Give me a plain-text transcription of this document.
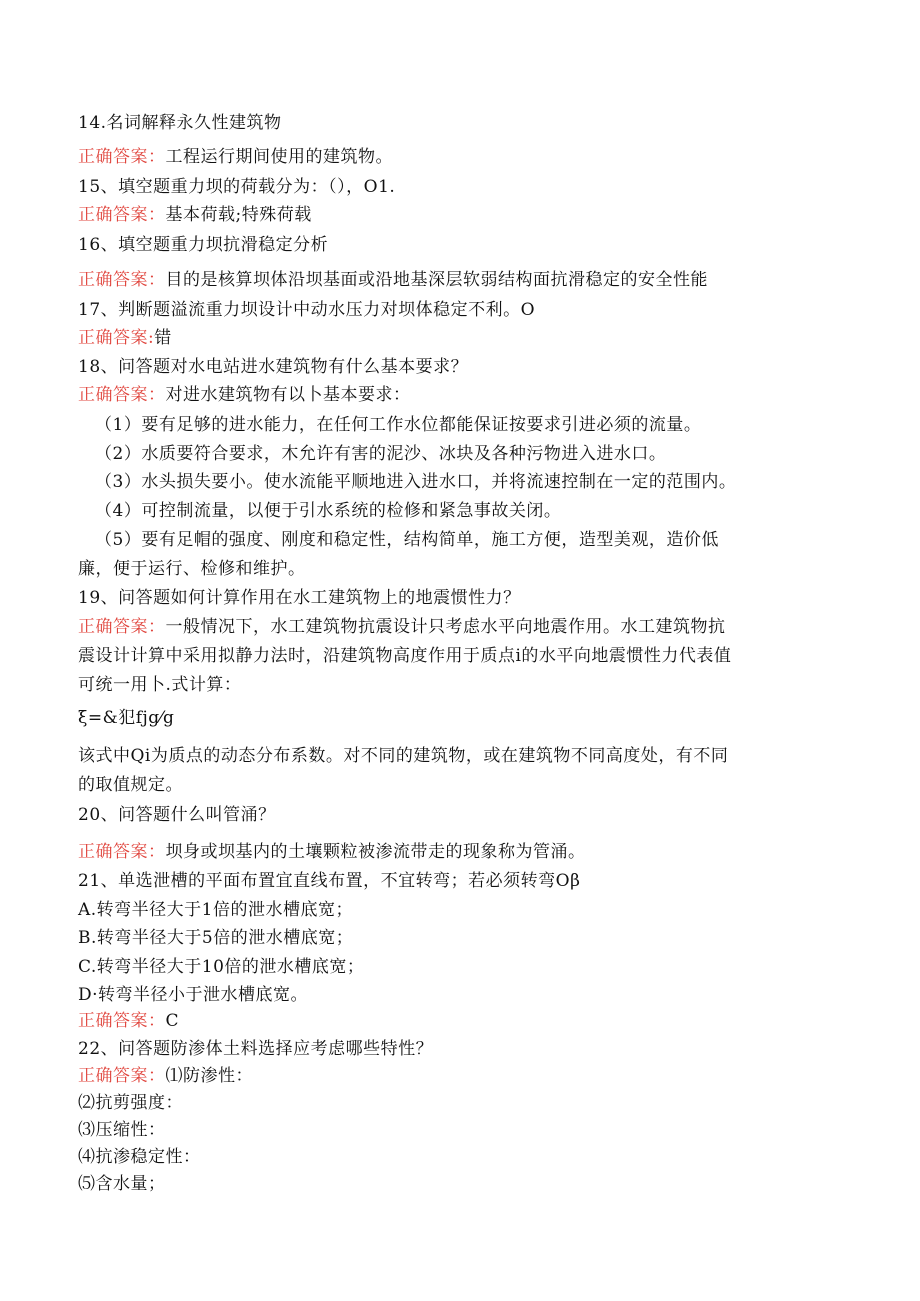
14.名词解释永久性建筑物
正确答案：工程运行期间使用的建筑物。
15、填空题重力坝的荷载分为：（），O1.
正确答案：基本荷载;特殊荷载
16、填空题重力坝抗滑稳定分析
正确答案：目的是核算坝体沿坝基面或沿地基深层软弱结构面抗滑稳定的安全性能
17、判断题溢流重力坝设计中动水压力对坝体稳定不利。O
正确答案:错
18、问答题对水电站进水建筑物有什么基本要求？
正确答案：对进水建筑物有以卜基本要求：
（1）要有足够的进水能力，在任何工作水位都能保证按要求引进必须的流量。
（2）水质要符合要求，木允许有害的泥沙、冰块及各种污物进入进水口。
（3）水头损失要小。使水流能平顺地进入进水口，并将流速控制在一定的范围内。
（4）可控制流量，以便于引水系统的检修和紧急事故关闭。
（5）要有足帽的强度、刚度和稳定性，结构简单，施工方便，造型美观，造价低
廉，便于运行、检修和维护。
19、问答题如何计算作用在水工建筑物上的地震惯性力？
正确答案：一般情况下，水工建筑物抗震设计只考虑水平向地震作用。水工建筑物抗
震设计计算中采用拟静力法时，沿建筑物高度作用于质点i的水平向地震惯性力代表值
可统一用卜.式计算：
ξ=&犯fjg⁄g
该式中Qi为质点的动态分布系数。对不同的建筑物，或在建筑物不同高度处，有不同
的取值规定。
20、问答题什么叫管涌？
正确答案：坝身或坝基内的土壤颗粒被渗流带走的现象称为管涌。
21、单选泄槽的平面布置宜直线布置，不宜转弯；若必须转弯Oβ
A.转弯半径大于1倍的泄水槽底宽；
B.转弯半径大于5倍的泄水槽底宽；
C.转弯半径大于10倍的泄水槽底宽；
D·转弯半径小于泄水槽底宽。
正确答案：C
22、问答题防渗体土料选择应考虑哪些特性？
正确答案：⑴防渗性：
⑵抗剪强度：
⑶压缩性：
⑷抗渗稳定性：
⑸含水量；
